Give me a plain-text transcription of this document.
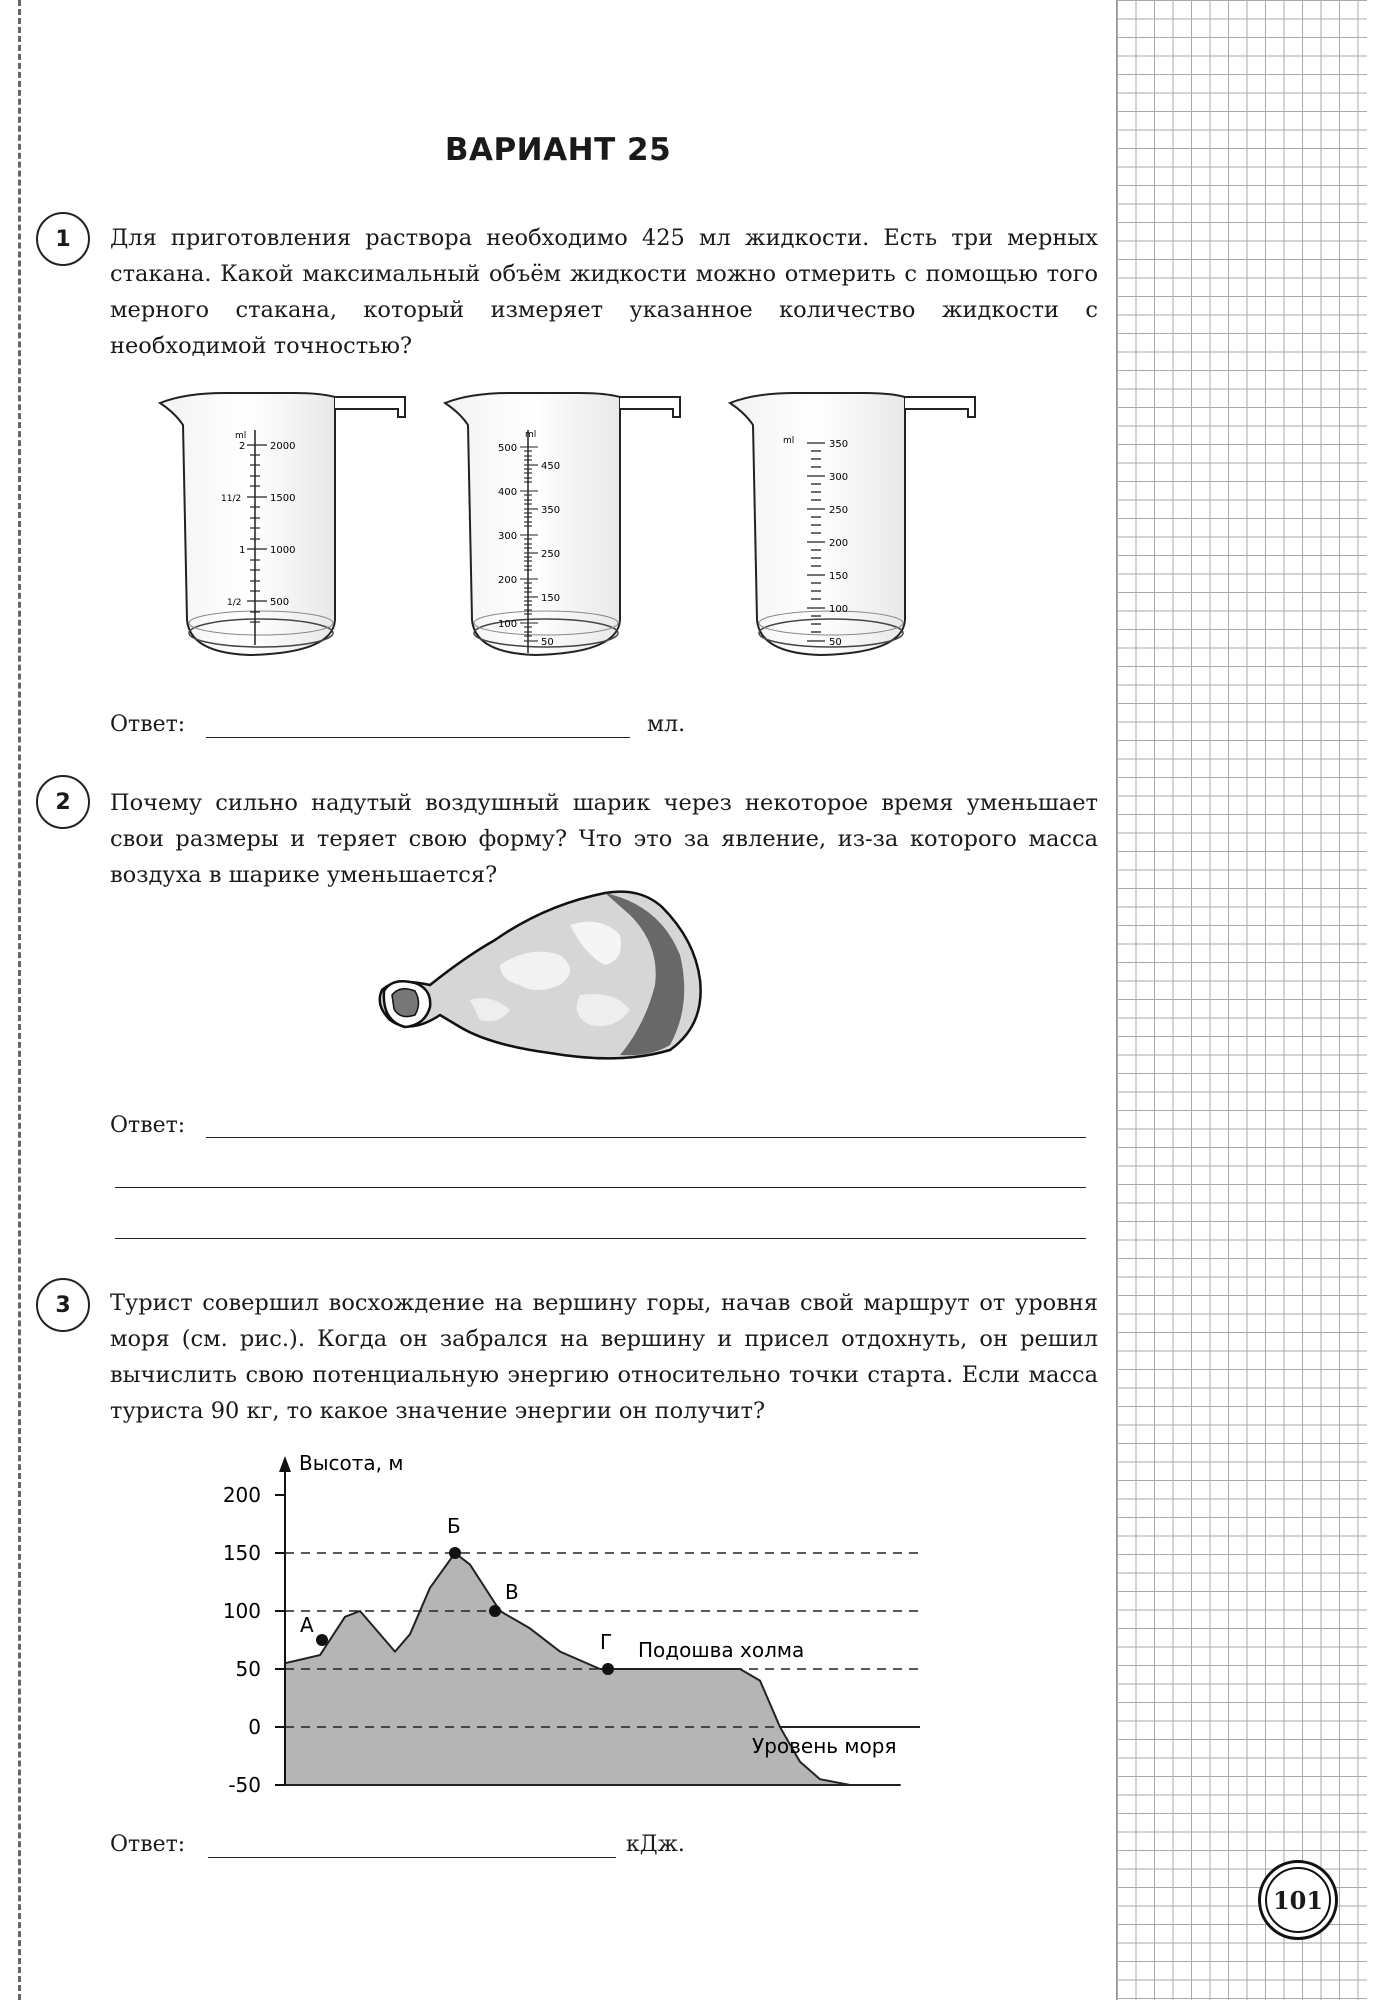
ВАРИАНТ 25
1	Для приготовления раствора необходимо 425 мл жидкости. Есть три мерных стакана. Какой максимальный объём жидкости можно отмерить с помощью того мерного стакана, который измеряет указанное количество жидкости с необходимой точностью?

ml
2000
1500
1000
500
2
11/2
1
1/2
ml
500
400
300
200
100
450
350
250
150
50
ml	350
300
250
200
150
100
50
Ответ:	мл.
2	Почему сильно надутый воздушный шарик через некоторое время уменьшает свои размеры и теряет свою форму? Что это за явление, из-за которого масса воздуха в шарике уменьшается?

Ответ:
3	Турист совершил восхождение на вершину горы, начав свой маршрут от уровня моря (см. рис.). Когда он забрался на вершину и присел отдохнуть, он решил вычислить свою потенциальную энергию относительно точки старта. Если масса туриста 90 кг, то какое значение энергии он получит?

Высота, м
200
150
100
50
0
-50
А
Б
В
Г Подошва холма
Уровень моря
Ответ:	кДж.
101
